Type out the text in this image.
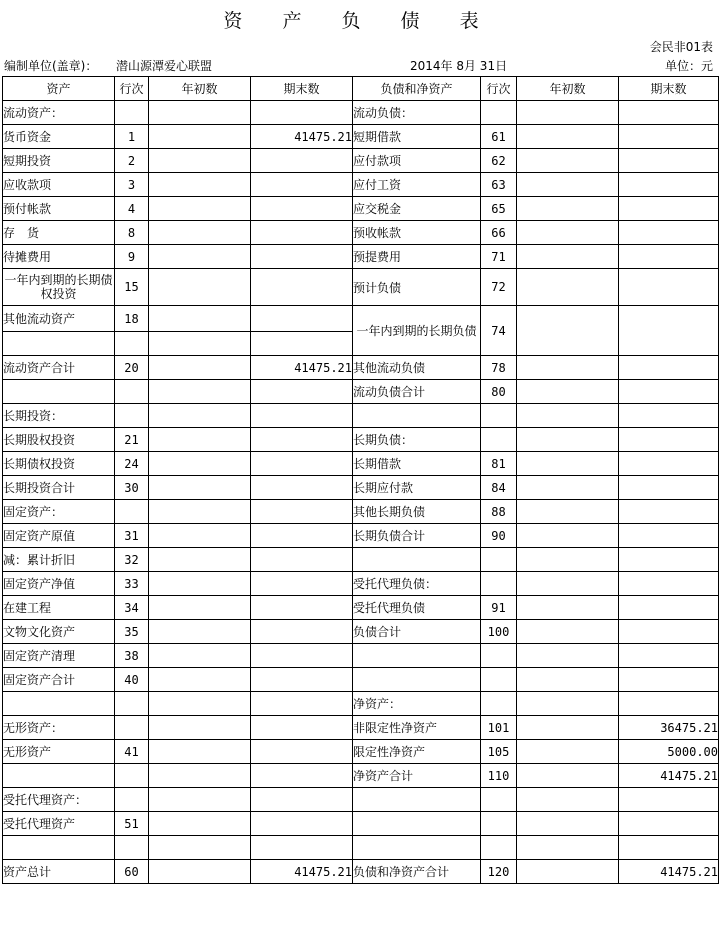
资 产 负 债 表
会民非01表
编制单位(盖章)： 潜山源潭爱心联盟	2014年 8月 31日	单位：元
资产	行次	年初数	期末数	负债和净资产	行次	年初数	期末数
流动资产：				流动负债：			
货币资金	1		41475.21	短期借款	61		
短期投资	2			应付款项	62		
应收款项	3			应付工资	63		
预付帐款	4			应交税金	65		
存　货	8			预收帐款	66		
待摊费用	9			预提费用	71		
一年内到期的长期债权投资	15			预计负债	72		
其他流动资产	18			一年内到期的长期负债	74		

流动资产合计	20		41475.21	其他流动负债	78		
				流动负债合计	80		
长期投资：							
长期股权投资	21			长期负债：			
长期债权投资	24			长期借款	81		
长期投资合计	30			长期应付款	84		
固定资产：				其他长期负债	88		
固定资产原值	31			长期负债合计	90		
减：累计折旧	32						
固定资产净值	33			受托代理负债：			
在建工程	34			受托代理负债	91		
文物文化资产	35			负债合计	100		
固定资产清理	38						
固定资产合计	40						
				净资产：			
无形资产：				非限定性净资产	101		36475.21
无形资产	41			限定性净资产	105		5000.00
				净资产合计	110		41475.21
受托代理资产：							
受托代理资产	51						

资产总计	60		41475.21	负债和净资产合计	120		41475.21
